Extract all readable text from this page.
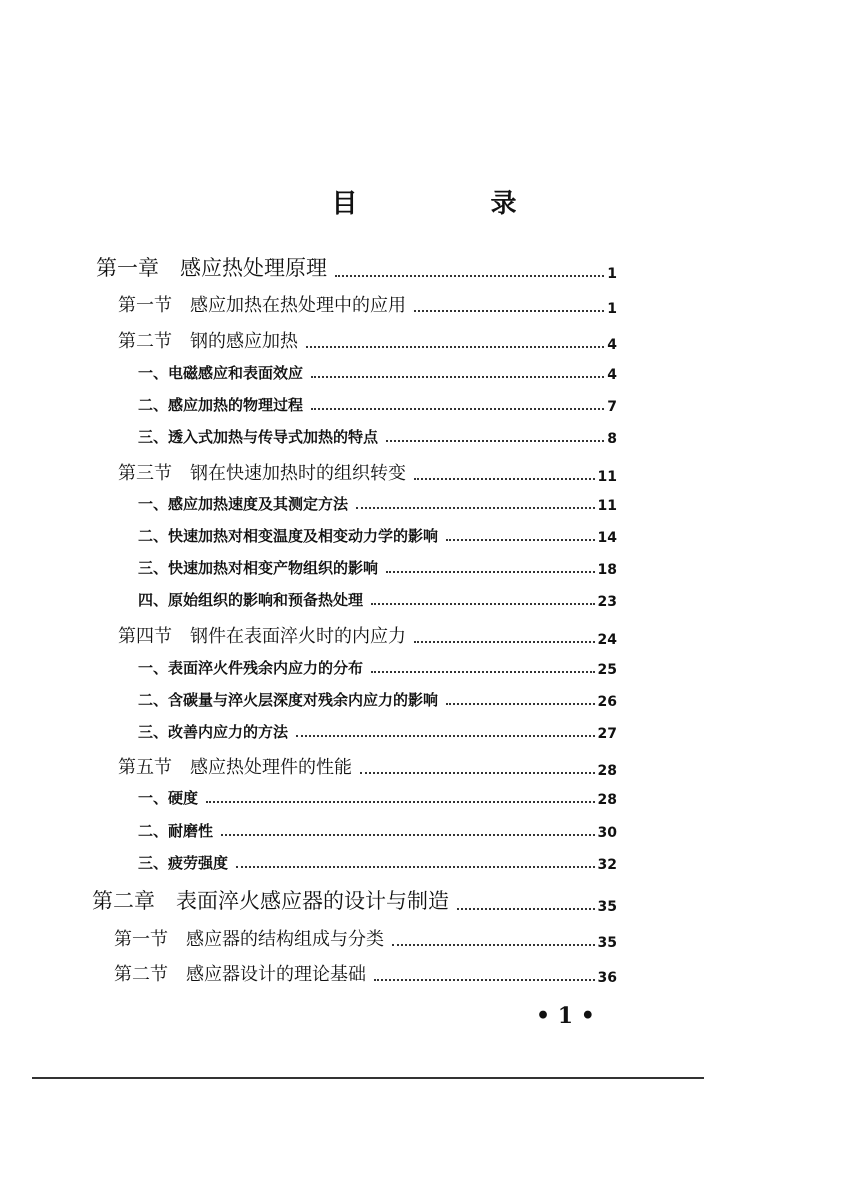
目 录
第一章　感应热处理原理	1
第一节　感应加热在热处理中的应用	1
第二节　钢的感应加热	4
一、电磁感应和表面效应	4
二、感应加热的物理过程	7
三、透入式加热与传导式加热的特点	8
第三节　钢在快速加热时的组织转变	11
一、感应加热速度及其测定方法	11
二、快速加热对相变温度及相变动力学的影响	14
三、快速加热对相变产物组织的影响	18
四、原始组织的影响和预备热处理	23
第四节　钢件在表面淬火时的内应力	24
一、表面淬火件残余内应力的分布	25
二、含碳量与淬火层深度对残余内应力的影响	26
三、改善内应力的方法	27
第五节　感应热处理件的性能	28
一、硬度	28
二、耐磨性	30
三、疲劳强度	32
第二章　表面淬火感应器的设计与制造	35
第一节　感应器的结构组成与分类	35
第二节　感应器设计的理论基础	36
• 1 •
